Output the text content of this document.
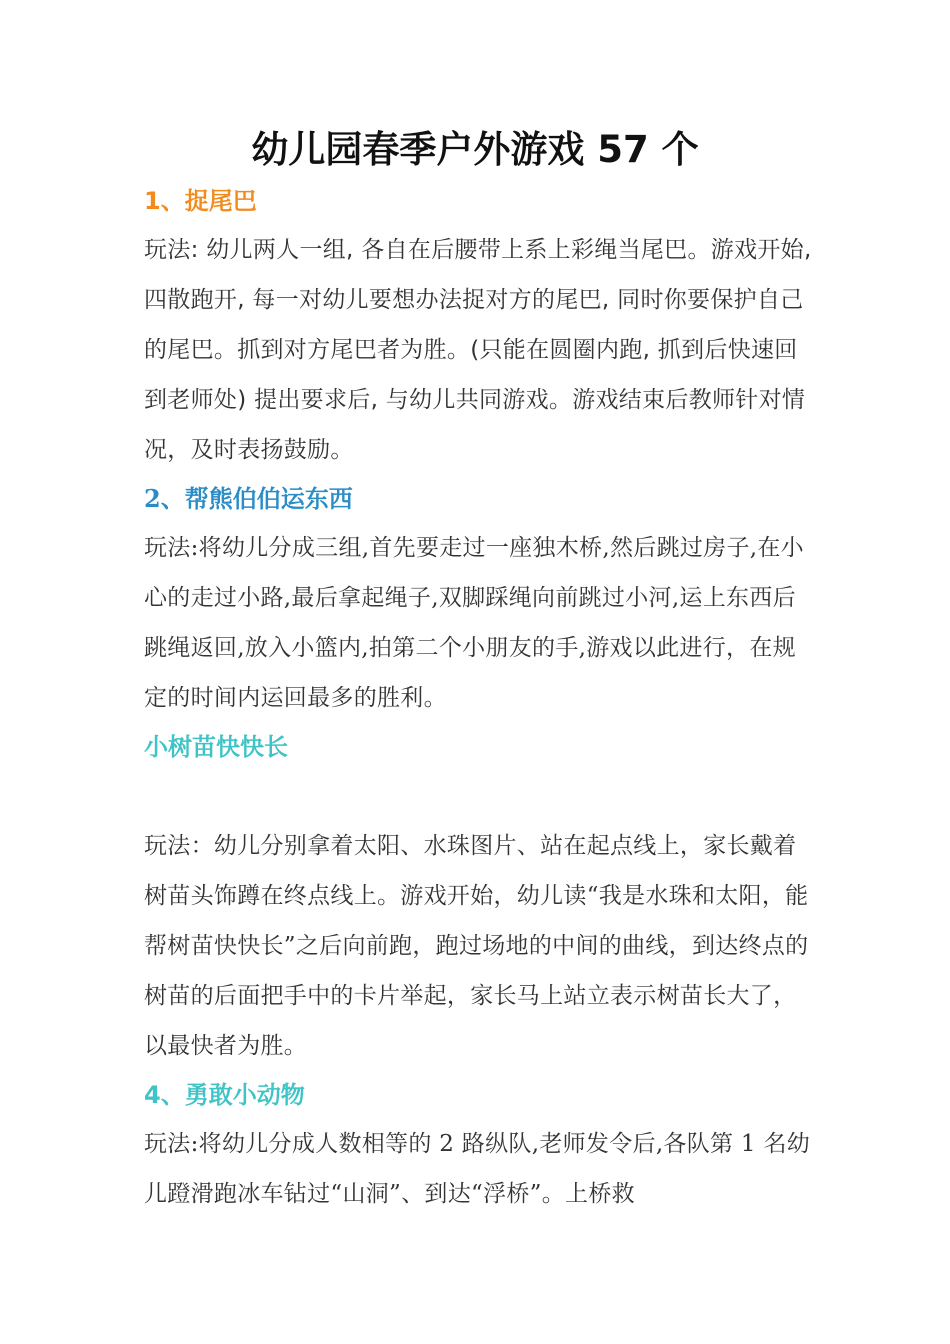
幼儿园春季户外游戏 57 个
1、捉尾巴

玩法: 幼儿两人一组, 各自在后腰带上系上彩绳当尾巴。游戏开始, 四散跑开, 每一对幼儿要想办法捉对方的尾巴, 同时你要保护自己的尾巴。抓到对方尾巴者为胜。(只能在圆圈内跑, 抓到后快速回到老师处) 提出要求后, 与幼儿共同游戏。游戏结束后教师针对情况，及时表扬鼓励。

2、帮熊伯伯运东西

玩法:将幼儿分成三组,首先要走过一座独木桥,然后跳过房子,在小心的走过小路,最后拿起绳子,双脚踩绳向前跳过小河,运上东西后跳绳返回,放入小篮内,拍第二个小朋友的手,游戏以此进行，在规定的时间内运回最多的胜利。

小树苗快快长

玩法：幼儿分别拿着太阳、水珠图片、站在起点线上，家长戴着树苗头饰蹲在终点线上。游戏开始，幼儿读“我是水珠和太阳，能帮树苗快快长”之后向前跑，跑过场地的中间的曲线，到达终点的树苗的后面把手中的卡片举起，家长马上站立表示树苗长大了，以最快者为胜。

4、勇敢小动物

玩法:将幼儿分成人数相等的 2 路纵队,老师发令后,各队第 1 名幼儿蹬滑跑冰车钻过“山洞”、到达“浮桥”。上桥救
